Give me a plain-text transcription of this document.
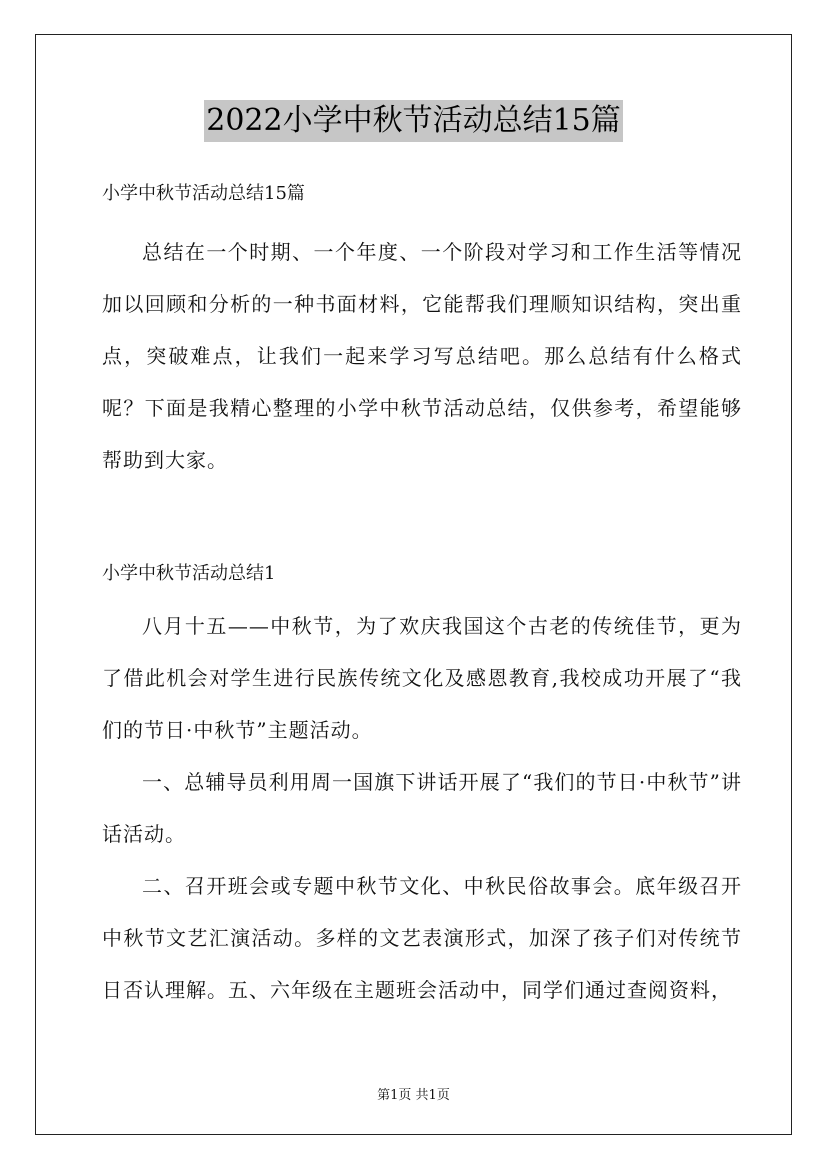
2022小学中秋节活动总结15篇

小学中秋节活动总结15篇

总结在一个时期、一个年度、一个阶段对学习和工作生活等情况加以回顾和分析的一种书面材料，它能帮我们理顺知识结构，突出重点，突破难点，让我们一起来学习写总结吧。那么总结有什么格式呢？下面是我精心整理的小学中秋节活动总结，仅供参考，希望能够帮助到大家。

小学中秋节活动总结1

八月十五——中秋节，为了欢庆我国这个古老的传统佳节，更为了借此机会对学生进行民族传统文化及感恩教育,我校成功开展了“我们的节日·中秋节”主题活动。

一、总辅导员利用周一国旗下讲话开展了“我们的节日·中秋节”讲话活动。

二、召开班会或专题中秋节文化、中秋民俗故事会。底年级召开中秋节文艺汇演活动。多样的文艺表演形式，加深了孩子们对传统节日否认理解。五、六年级在主题班会活动中，同学们通过查阅资料，

第1页 共1页
